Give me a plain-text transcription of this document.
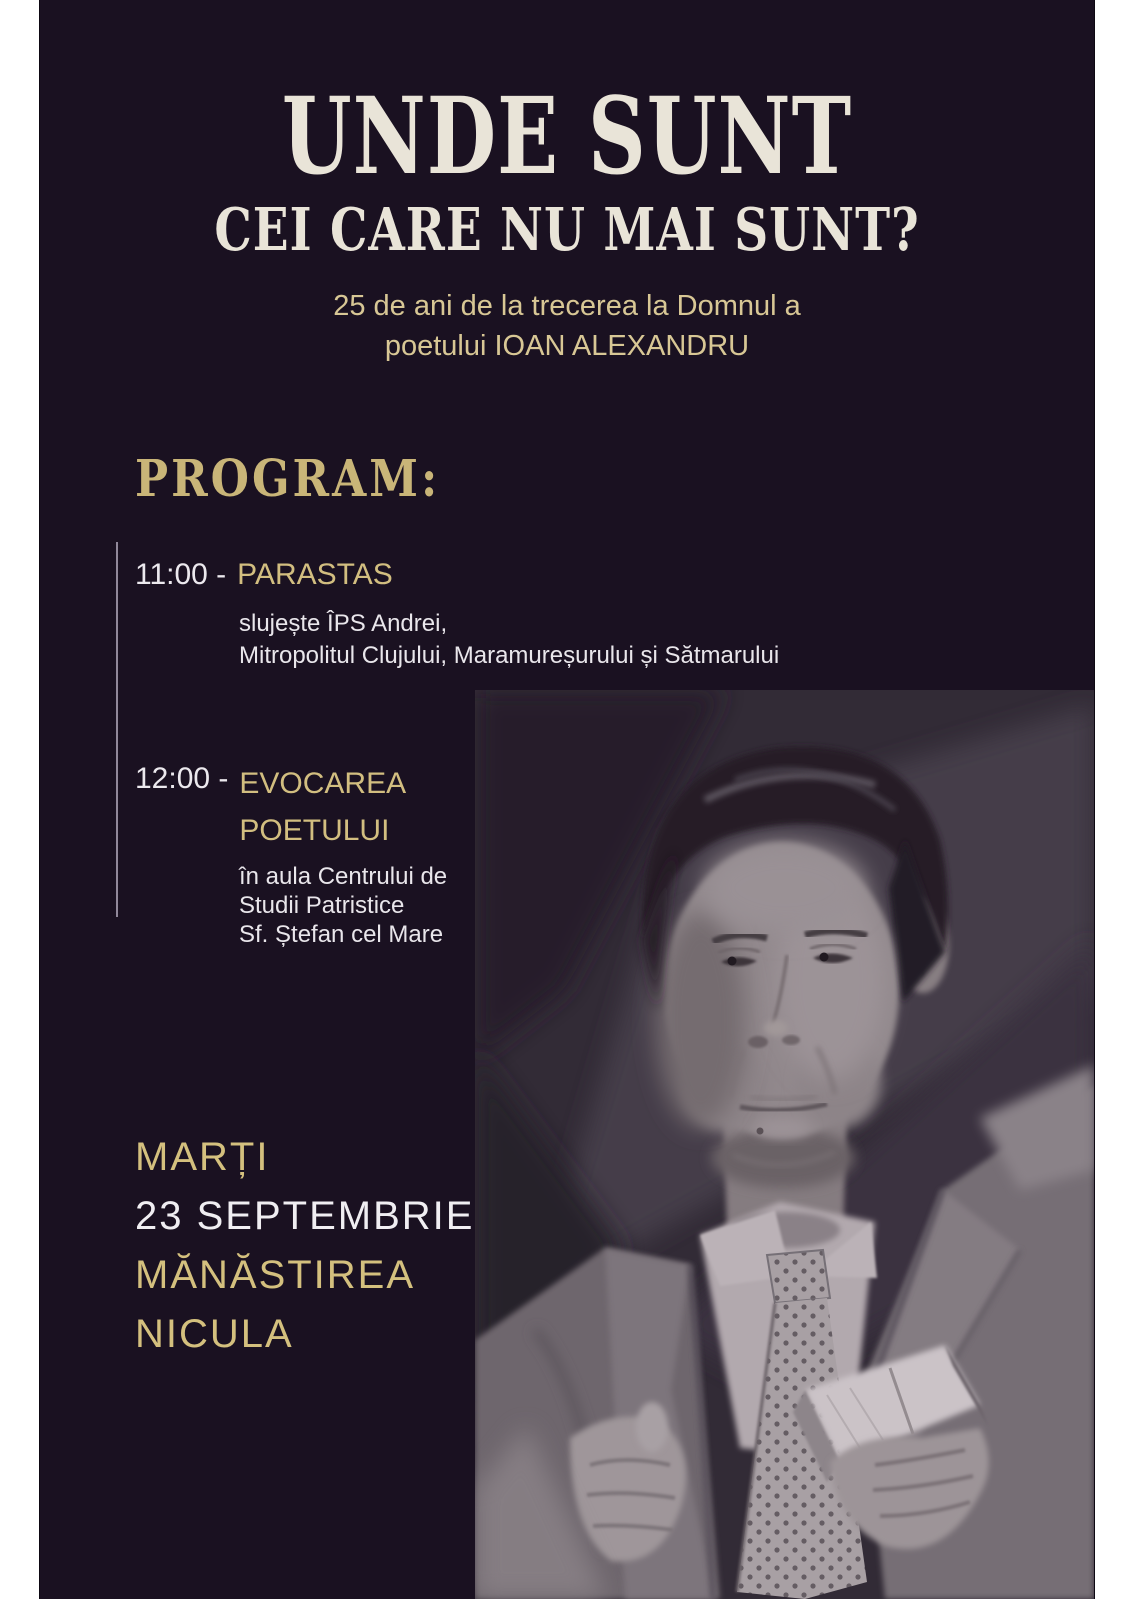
UNDE SUNT
CEI CARE NU MAI SUNT?

25 de ani de la trecerea la Domnul a
poetului IOAN ALEXANDRU

PROGRAM:
11:00 - PARASTAS
slujește ÎPS Andrei,
Mitropolitul Clujului, Maramureșurului și Sătmarului
12:00 - EVOCAREA
POETULUI
în aula Centrului de
Studii Patristice
Sf. Ștefan cel Mare
MARȚI
23 SEPTEMBRIE
MĂNĂSTIREA
NICULA
